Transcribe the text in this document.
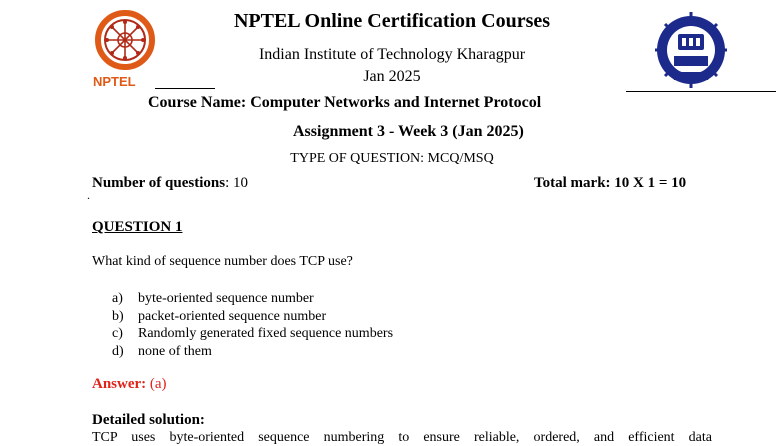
NPTEL
NPTEL Online Certification Courses
Indian Institute of Technology Kharagpur
Jan 2025
Course Name: Computer Networks and Internet Protocol
Assignment 3 - Week 3 (Jan 2025)
TYPE OF QUESTION: MCQ/MSQ
Number of questions: 10	Total mark: 10 X 1 = 10
.
QUESTION 1
What kind of sequence number does TCP use?
a)	byte-oriented sequence number
b)	packet-oriented sequence number
c)	Randomly generated fixed sequence numbers
d)	none of them
Answer: (a)
Detailed solution:
TCP uses byte-oriented sequence numbering to ensure reliable, ordered, and efficient data
